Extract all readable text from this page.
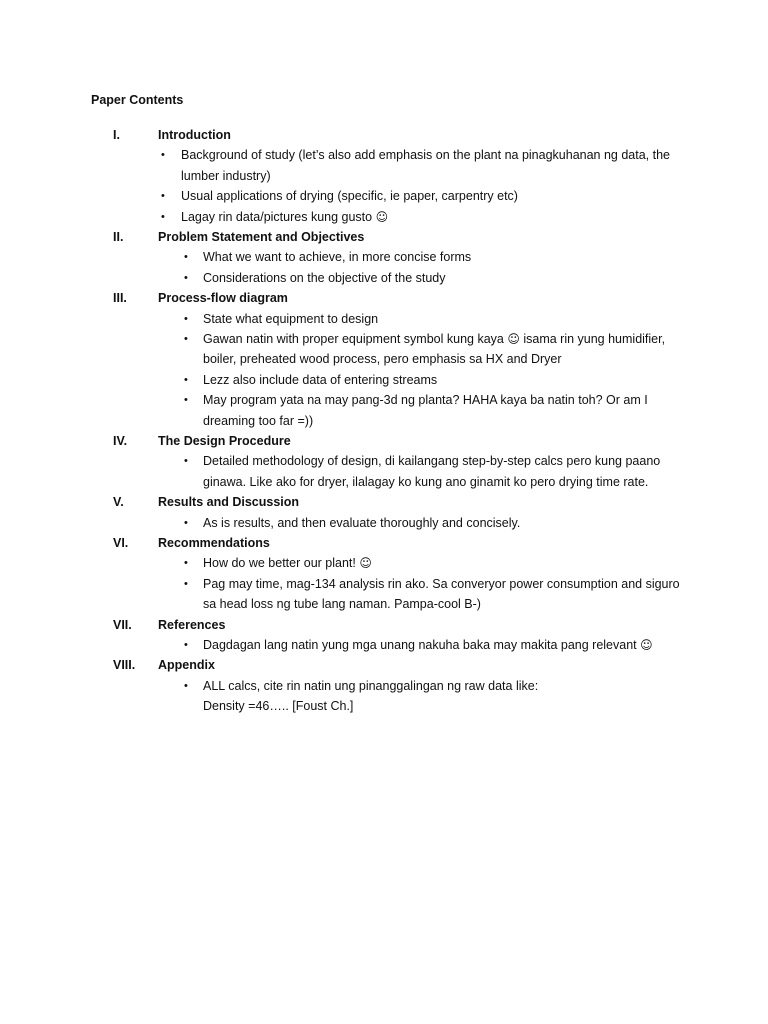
Paper Contents
I.	Introduction
• Background of study (let’s also add emphasis on the plant na pinagkuhanan ng data, the lumber industry)
• Usual applications of drying (specific, ie paper, carpentry etc)
• Lagay rin data/pictures kung gusto ☺
II.	Problem Statement and Objectives
• What we want to achieve, in more concise forms
• Considerations on the objective of the study
III. Process-flow diagram
• State what equipment to design
• Gawan natin with proper equipment symbol kung kaya ☺ isama rin yung humidifier, boiler, preheated wood process, pero emphasis sa HX and Dryer
• Lezz also include data of entering streams
• May program yata na may pang-3d ng planta? HAHA kaya ba natin toh? Or am I dreaming too far =))
IV. The Design Procedure
• Detailed methodology of design, di kailangang step-by-step calcs pero kung paano ginawa. Like ako for dryer, ilalagay ko kung ano ginamit ko pero drying time rate.
V.	Results and Discussion
• As is results, and then evaluate thoroughly and concisely.
VI. Recommendations
• How do we better our plant! ☺
• Pag may time, mag-134 analysis rin ako. Sa converyor power consumption and siguro sa head loss ng tube lang naman. Pampa-cool B-)
VII. References
• Dagdagan lang natin yung mga unang nakuha baka may makita pang relevant ☺
VIII. Appendix
• ALL calcs, cite rin natin ung pinanggalingan ng raw data like:
Density =46….. [Foust Ch.]
